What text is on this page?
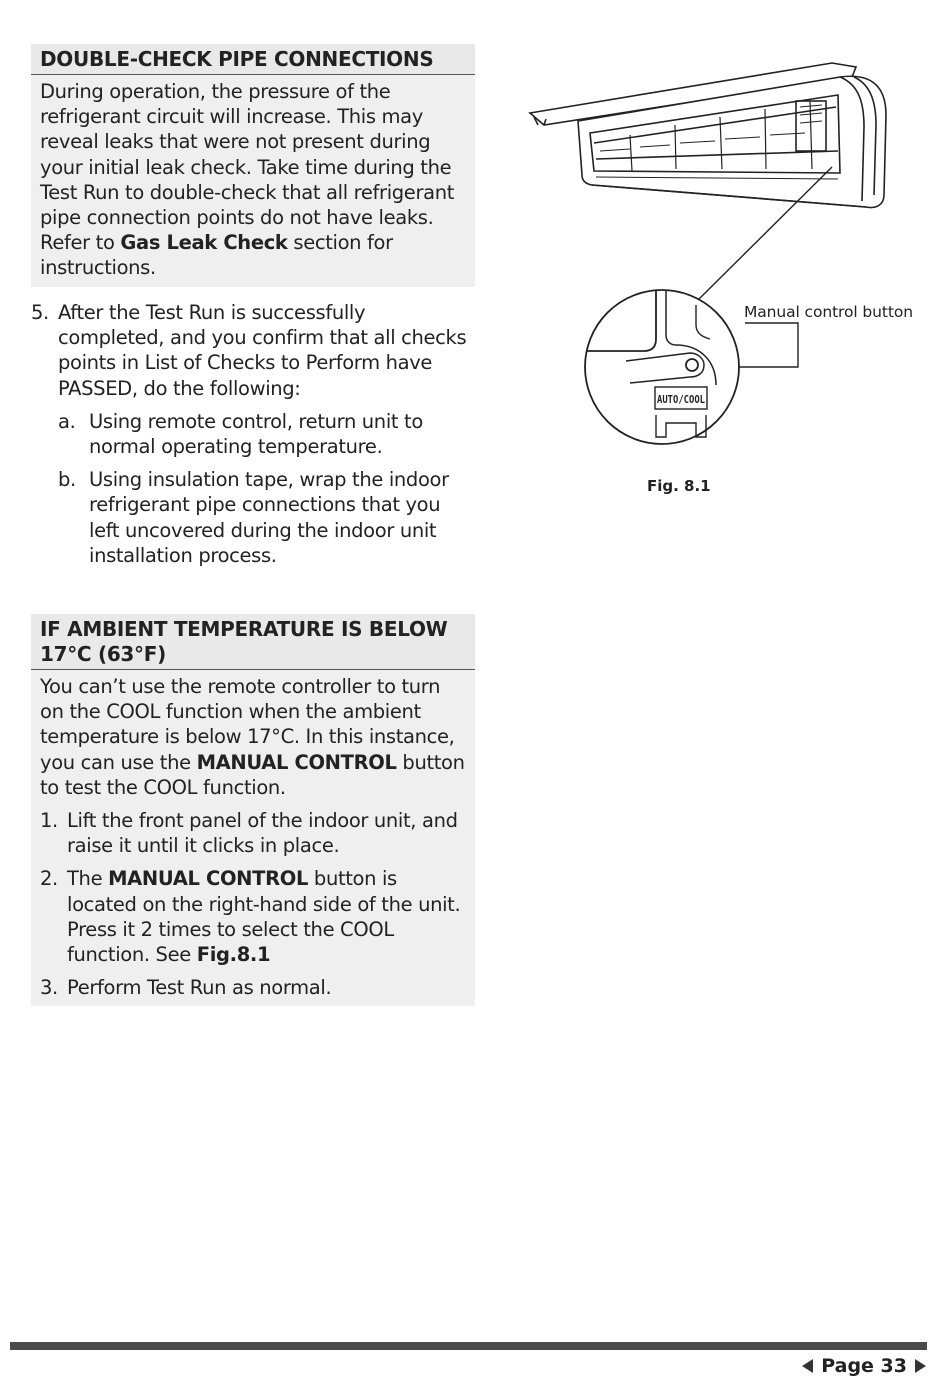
DOUBLE-CHECK PIPE CONNECTIONS

During operation, the pressure of the refrigerant circuit will increase. This may reveal leaks that were not present during your initial leak check. Take time during the Test Run to double-check that all refrigerant pipe connection points do not have leaks. Refer to Gas Leak Check section for instructions.

5. After the Test Run is successfully completed, and you confirm that all checks points in List of Checks to Perform have PASSED, do the following:
a. Using remote control, return unit to normal operating temperature.
b. Using insulation tape, wrap the indoor refrigerant pipe connections that you left uncovered during the indoor unit installation process.
IF AMBIENT TEMPERATURE IS BELOW 17°C (63°F)

You can’t use the remote controller to turn on the COOL function when the ambient temperature is below 17°C. In this instance, you can use the MANUAL CONTROL button to test the COOL function.

1. Lift the front panel of the indoor unit, and raise it until it clicks in place.
2. The MANUAL CONTROL button is located on the right-hand side of the unit. Press it 2 times to select the COOL function. See Fig.8.1
3. Perform Test Run as normal.
AUTO/COOL
Manual control button
Fig. 8.1
Page 33
